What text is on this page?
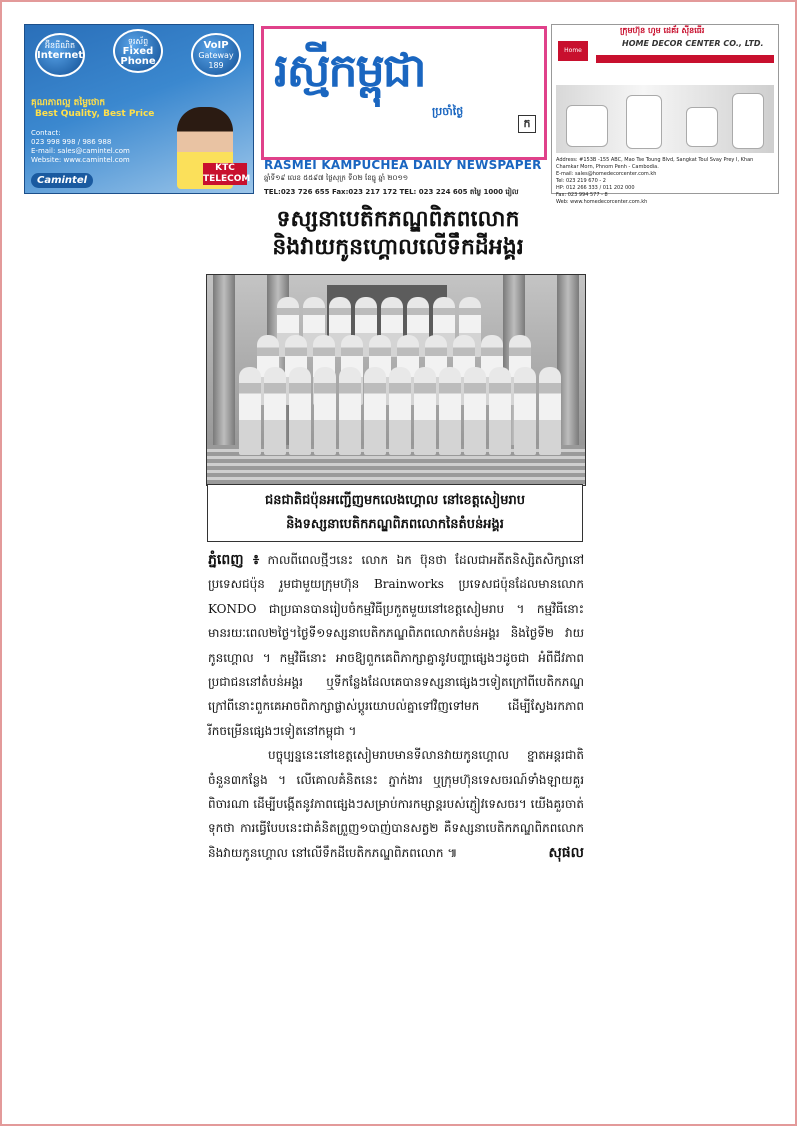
អ៊ីនធឺណិត
Internet
ទូរស័ព្ទ
Fixed Phone
VoIP
Gateway 189
គុណភាពល្អ តម្លៃថោក
Best Quality, Best Price
Contact:
023 998 998 / 986 988
E-mail: sales@camintel.com
Website: www.camintel.com
Camintel
KTC TELECOM
រស្មីកម្ពុជា
ប្រចាំថ្ងៃ
ក
RASMEI KAMPUCHEA DAILY NEWSPAPER
ឆ្នាំទី១៩ លេខ ៥៥៩៧ ថ្ងៃសុក្រ ទី០២ ខែធ្នូ ឆ្នាំ ២០១១
TEL:023 726 655 Fax:023 217 172 TEL: 023 224 605 តម្លៃ 1000 រៀល
ក្រុមហ៊ុន ហូម ដេគ័រ ស៊ីនធើរ
Home Decor
HOME DECOR CENTER CO., LTD.
Address: #153B -155 ABC, Mao Tse Toung Blvd, Sangkat Toul Svay Prey I, Khan Chamkar Morn, Phnom Penh - Cambodia.
E-mail: sales@homedecorcenter.com.kh
Tel: 023 219 670 - 2
HP: 012 266 333 / 011 202 000
Fax: 023 994 577 - 8
Web: www.homedecorcenter.com.kh
ទស្សនាបេតិកភណ្ឌពិភពលោក
និងវាយកូនហ្គោលលើទឹកដីអង្គរ
ជនជាតិជប៉ុនអញ្ជើញមកលេងហ្គោល នៅខេត្តសៀមរាប
និងទស្សនាបេតិកភណ្ឌពិភពលោកនៃតំបន់អង្គរ

ភ្នំពេញ ៖ កាលពីពេលថ្មីៗនេះ លោក ឯក ប៊ុនថា ដែលជាអតីតនិស្សិតសិក្សានៅប្រទេសជប៉ុន រួមជាមួយក្រុមហ៊ុន Brainworks ប្រទេសជប៉ុនដែលមានលោក KONDO ជាប្រធានបានរៀបចំកម្មវិធីប្រកួតមួយនៅខេត្តសៀមរាប ។ កម្មវិធីនោះមានរយៈពេល២ថ្ងៃ។ថ្ងៃទី១ទស្សនាបេតិកភណ្ឌពិភពលោកតំបន់អង្គរ និងថ្ងៃទី២ វាយកូនហ្គោល ។ កម្មវិធីនោះ អាចឱ្យពួកគេពិភាក្សាគ្នានូវបញ្ហាផ្សេងៗដូចជា អំពីជីវភាពប្រជាជននៅតំបន់អង្គរ ឬទីកន្លែងដែលគេបានទស្សនាផ្សេងៗទៀតក្រៅពីបេតិកភណ្ឌ ក្រៅពីនោះពួកគេអាចពិភាក្សាផ្លាស់ប្ដូរយោបល់គ្នាទៅវិញទៅមក ដើម្បីស្វែងរកភាពរីកចម្រើនផ្សេងៗទៀតនៅកម្ពុជា ។

បច្ចុប្បន្ននេះនៅខេត្តសៀមរាបមានទីលានវាយកូនហ្គោល ខ្នាតអន្តរជាតិចំនួន៣កន្លែង ។ លើគោលគំនិតនេះ ភ្នាក់ងារ ឬក្រុមហ៊ុនទេសចរណ៍ទាំងឡាយគួរពិចារណា ដើម្បីបង្កើតនូវភាពផ្សេងៗសម្រាប់ការកម្សាន្តរបស់ភ្ញៀវទេសចរ។ យើងគួរចាត់ទុកថា ការធ្វើបែបនេះជាគំនិតព្រួញ១បាញ់បានសត្វ២ គឺទស្សនាបេតិកភណ្ឌពិភពលោក និងវាយកូនហ្គោល នៅលើទឹកដីបេតិកភណ្ឌពិភពលោក ៕	សុផល
